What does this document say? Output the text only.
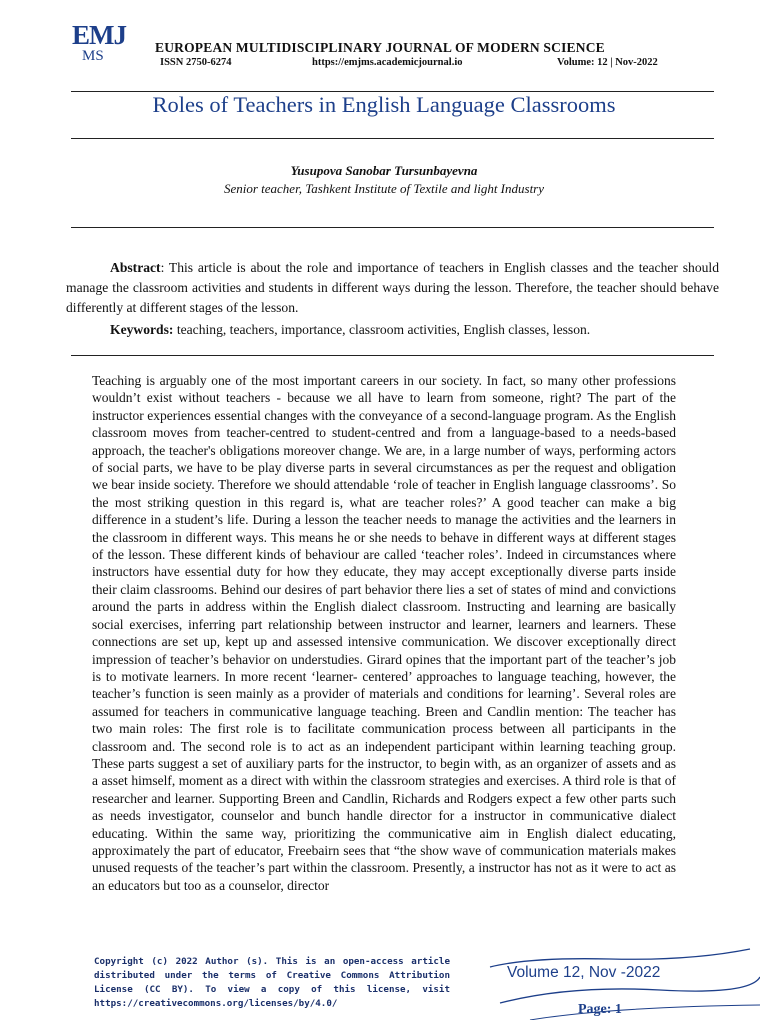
EMJ
MS
EUROPEAN MULTIDISCIPLINARY JOURNAL OF MODERN SCIENCE
ISSN 2750-6274	https://emjms.academicjournal.io	Volume: 12 | Nov-2022
Roles of Teachers in English Language Classrooms
Yusupova Sanobar Tursunbayevna
Senior teacher, Tashkent Institute of Textile and light Industry
Abstract: This article is about the role and importance of teachers in English classes and the teacher should manage the classroom activities and students in different ways during the lesson. Therefore, the teacher should behave differently at different stages of the lesson.
Keywords: teaching, teachers, importance, classroom activities, English classes, lesson.
Teaching is arguably one of the most important careers in our society. In fact, so many other professions wouldn’t exist without teachers - because we all have to learn from someone, right? The part of the instructor experiences essential changes with the conveyance of a second-language program. As the English classroom moves from teacher-centred to student-centred and from a language-based to a needs-based approach, the teacher's obligations moreover change. We are, in a large number of ways, performing actors of social parts, we have to be play diverse parts in several circumstances as per the request and obligation we bear inside society. Therefore we should attendable ‘role of teacher in English language classrooms’. So the most striking question in this regard is, what are teacher roles?’ A good teacher can make a big difference in a student’s life. During a lesson the teacher needs to manage the activities and the learners in the classroom in different ways. This means he or she needs to behave in different ways at different stages of the lesson. These different kinds of behaviour are called ‘teacher roles’. Indeed in circumstances where instructors have essential duty for how they educate, they may accept exceptionally diverse parts inside their claim classrooms. Behind our desires of part behavior there lies a set of states of mind and convictions around the parts in address within the English dialect classroom. Instructing and learning are basically social exercises, inferring part relationship between instructor and learner, learners and learners. These connections are set up, kept up and assessed intensive communication. We discover exceptionally direct impression of teacher’s behavior on understudies. Girard opines that the important part of the teacher’s job is to motivate learners. In more recent ‘learner- centered’ approaches to language teaching, however, the teacher’s function is seen mainly as a provider of materials and conditions for learning’. Several roles are assumed for teachers in communicative language teaching. Breen and Candlin mention: The teacher has two main roles: The first role is to facilitate communication process between all participants in the classroom and. The second role is to act as an independent participant within learning teaching group. These parts suggest a set of auxiliary parts for the instructor, to begin with, as an organizer of assets and as a asset himself, moment as a direct with within the classroom strategies and exercises. A third role is that of researcher and learner. Supporting Breen and Candlin, Richards and Rodgers expect a few other parts such as needs investigator, counselor and bunch handle director for a instructor in communicative dialect educating. Within the same way, prioritizing the communicative aim in English dialect educating, approximately the part of educator, Freebairn sees that “the show wave of communication materials makes unused requests of the teacher’s part within the classroom. Presently, a instructor has not as it were to act as an educators but too as a counselor, director
Copyright (c) 2022 Author (s). This is an open-access article distributed under the terms of Creative Commons Attribution License (CC BY). To view a copy of this license, visit https://creativecommons.org/licenses/by/4.0/
Volume 12, Nov -2022
Page: 1
